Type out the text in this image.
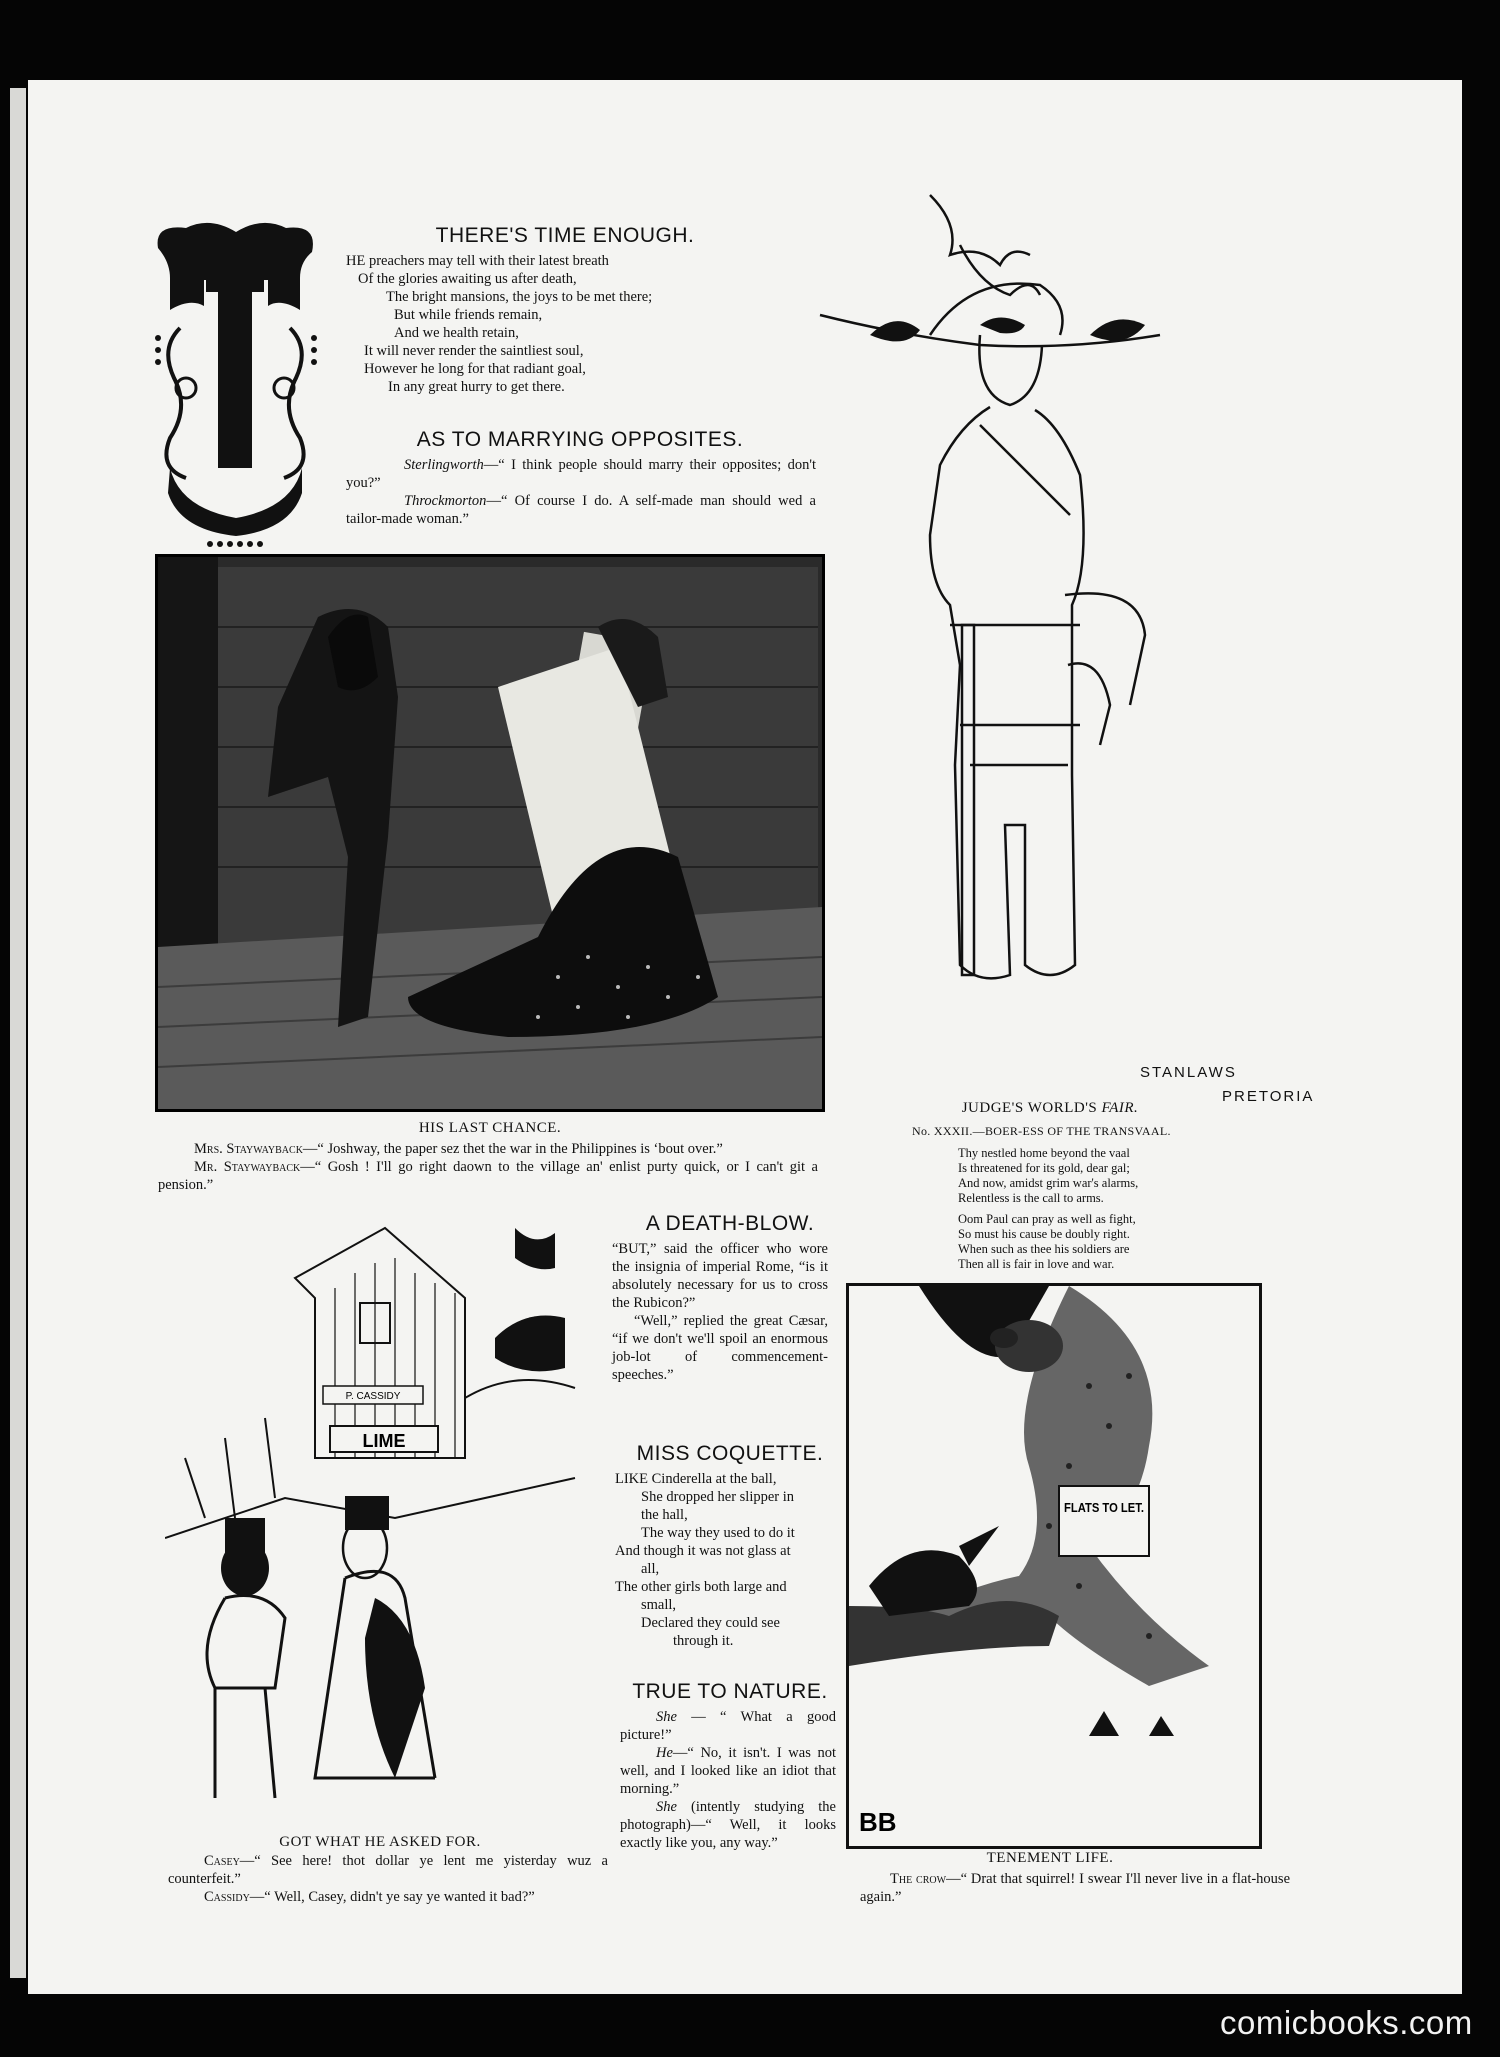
THERE'S TIME ENOUGH.
HE preachers may tell with their latest breath
Of the glories awaiting us after death,
The bright mansions, the joys to be met there;
But while friends remain,
And we health retain,
It will never render the saintliest soul,
However he long for that radiant goal,
In any great hurry to get there.
AS TO MARRYING OPPOSITES.
Sterlingworth—“ I think people should marry their opposites; don't you?”
Throckmorton—“ Of course I do. A self-made man should wed a tailor-made woman.”
HIS LAST CHANCE.
Mrs. Staywayback—“ Joshway, the paper sez thet the war in the Philippines is ‘bout over.”
Mr. Staywayback—“ Gosh ! I'll go right daown to the village an' enlist purty quick, or I can't git a pension.”
STANLAWS
PRETORIA
JUDGE'S WORLD'S FAIR.
No. XXXII.—BOER-ESS OF THE TRANSVAAL.
Thy nestled home beyond the vaal
Is threatened for its gold, dear gal;
And now, amidst grim war's alarms,
Relentless is the call to arms.
Oom Paul can pray as well as fight,
So must his cause be doubly right.
When such as thee his soldiers are
Then all is fair in love and war.
P. CASSIDY
LIME
GOT WHAT HE ASKED FOR.
Casey—“ See here! thot dollar ye lent me yisterday wuz a counterfeit.”
Cassidy—“ Well, Casey, didn't ye say ye wanted it bad?”
A DEATH-BLOW.
“BUT,” said the officer who wore the insignia of imperial Rome, “is it absolutely necessary for us to cross the Rubicon?”
“Well,” replied the great Cæsar, “if we don't we'll spoil an enormous job-lot of commencement-speeches.”
MISS COQUETTE.
LIKE Cinderella at the ball,
She dropped her slipper in
the hall,
The way they used to do it
And though it was not glass at
all,
The other girls both large and
small,
Declared they could see
through it.
TRUE TO NATURE.
She — “ What a good picture!”
He—“ No, it isn't. I was not well, and I looked like an idiot that morning.”
She (intently studying the photograph)—“ Well, it looks exactly like you, any way.”
FLATS TO LET.
BB
TENEMENT LIFE.
The crow—“ Drat that squirrel! I swear I'll never live in a flat-house again.”
comicbooks.com
